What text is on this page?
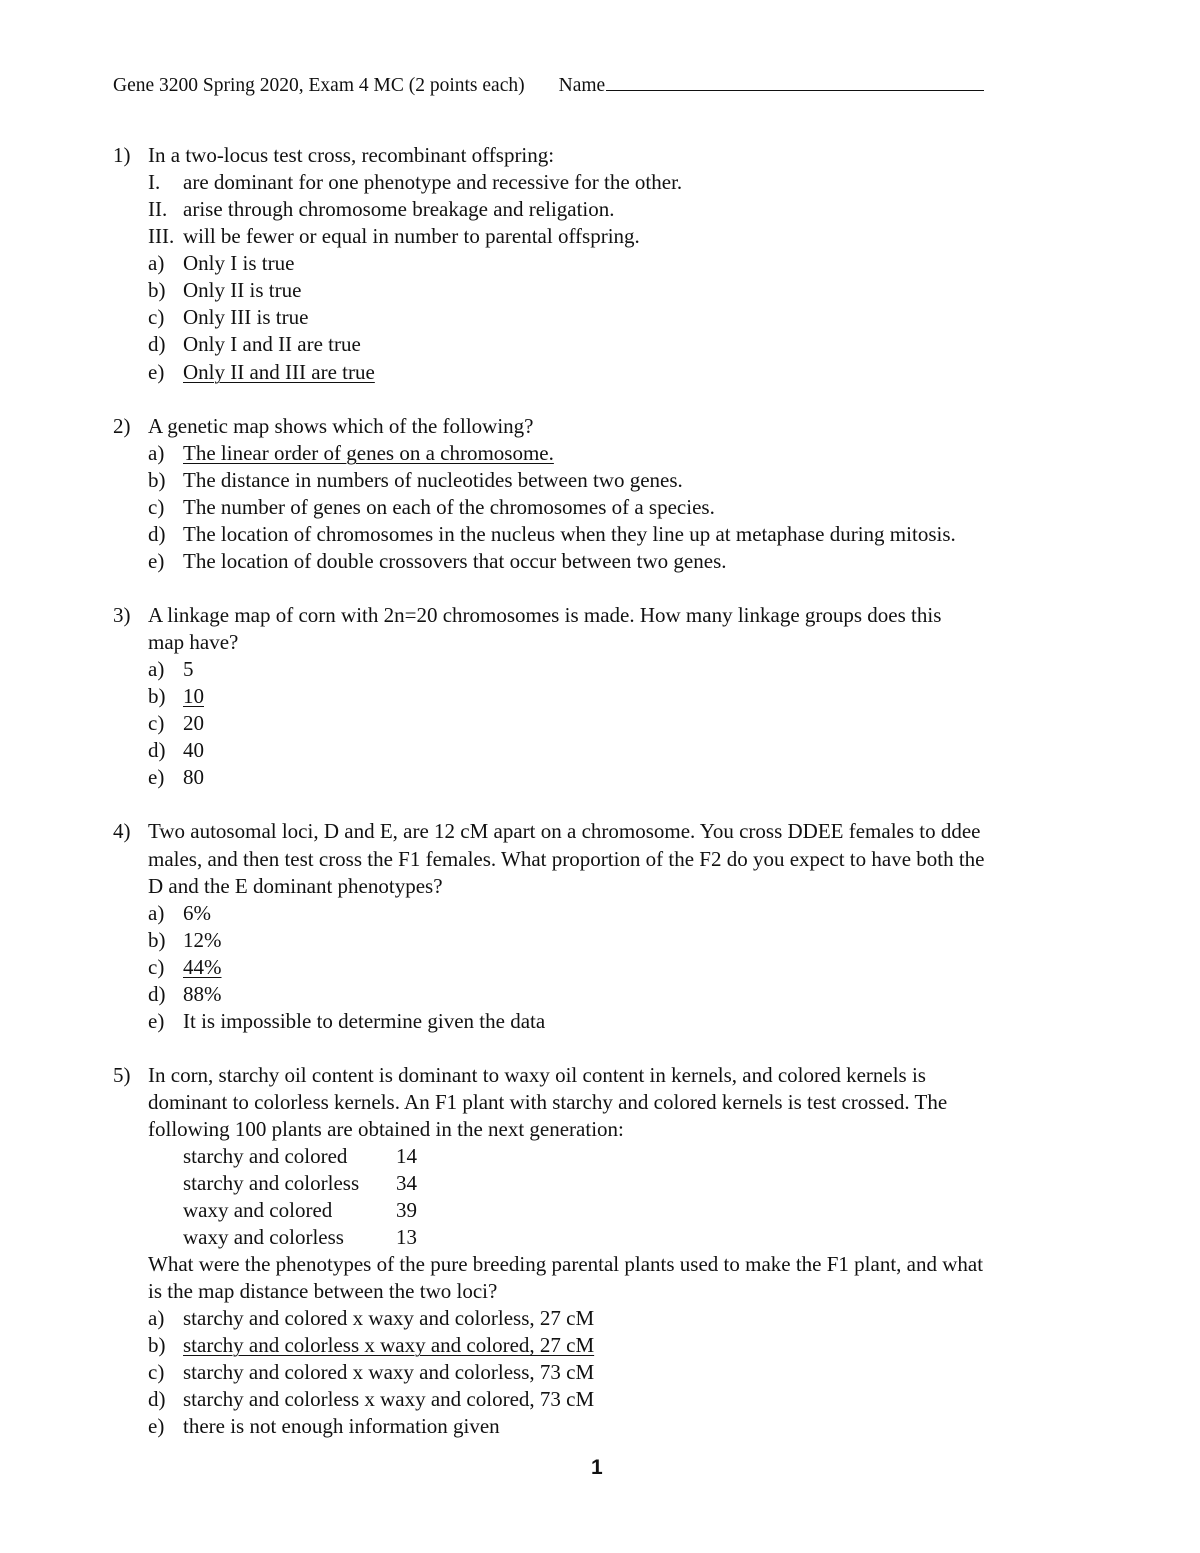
Gene 3200 Spring 2020, Exam 4 MC (2 points each) Name
1) In a two-locus test cross, recombinant offspring:
I. are dominant for one phenotype and recessive for the other.
II. arise through chromosome breakage and religation.
III. will be fewer or equal in number to parental offspring.
a) Only I is true
b) Only II is true
c) Only III is true
d) Only I and II are true
e) Only II and III are true
2) A genetic map shows which of the following?
a) The linear order of genes on a chromosome.
b) The distance in numbers of nucleotides between two genes.
c) The number of genes on each of the chromosomes of a species.
d) The location of chromosomes in the nucleus when they line up at metaphase during mitosis.
e) The location of double crossovers that occur between two genes.
3) A linkage map of corn with 2n=20 chromosomes is made. How many linkage groups does this
map have?
a) 5
b) 10
c) 20
d) 40
e) 80
4) Two autosomal loci, D and E, are 12 cM apart on a chromosome. You cross DDEE females to ddee
males, and then test cross the F1 females. What proportion of the F2 do you expect to have both the
D and the E dominant phenotypes?
a) 6%
b) 12%
c) 44%
d) 88%
e) It is impossible to determine given the data
5) In corn, starchy oil content is dominant to waxy oil content in kernels, and colored kernels is
dominant to colorless kernels. An F1 plant with starchy and colored kernels is test crossed. The
following 100 plants are obtained in the next generation:
starchy and colored 14
starchy and colorless 34
waxy and colored	39
waxy and colorless 13
What were the phenotypes of the pure breeding parental plants used to make the F1 plant, and what
is the map distance between the two loci?
a) starchy and colored x waxy and colorless, 27 cM
b) starchy and colorless x waxy and colored, 27 cM
c) starchy and colored x waxy and colorless, 73 cM
d) starchy and colorless x waxy and colored, 73 cM
e) there is not enough information given
1
